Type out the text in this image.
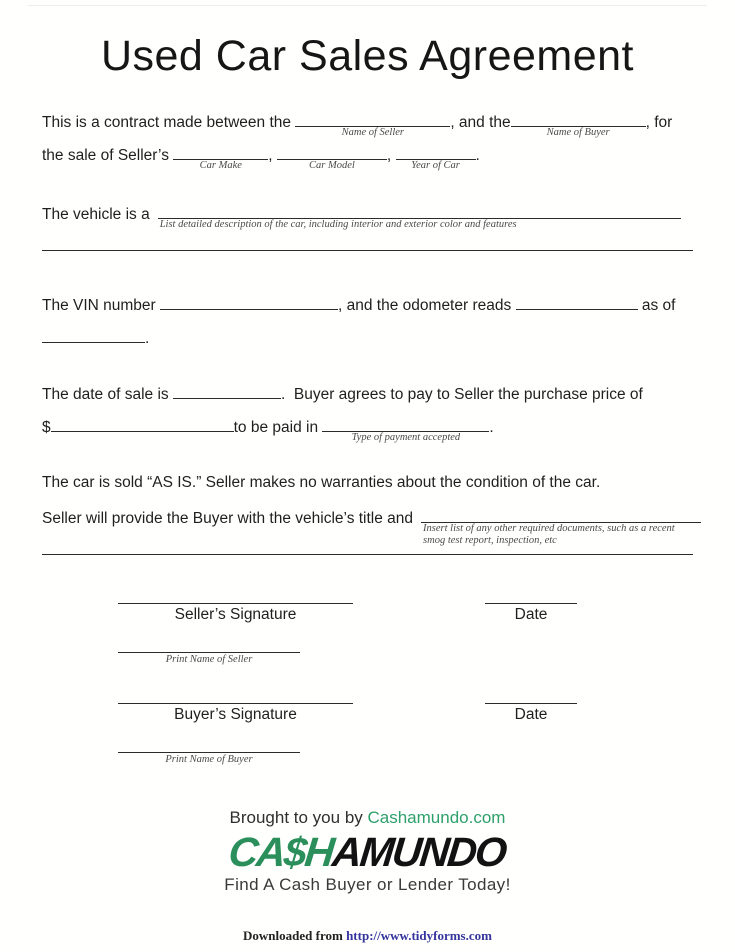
Used Car Sales Agreement

This is a contract made between the
Name of Seller
, and the
Name of Buyer
, for
the sale of Seller’s
Car Make
,
Car Model
,
Year of Car
.

The vehicle is a
List detailed description of the car, including interior and exterior color and features

The VIN number	, and the odometer reads	as of
.

The date of sale is	.  Buyer agrees to pay to Seller the purchase price of
$	to be paid in
Type of payment accepted
.

The car is sold “AS IS.” Seller makes no warranties about the condition of the car.

Seller will provide the Buyer with the vehicle’s title and
Insert list of any other required documents, such as a recent smog test report, inspection, etc

Seller’s Signature	Date
Print Name of Seller
Buyer’s Signature	Date
Print Name of Buyer
Brought to you by Cashamundo.com
CA$HAMUNDO
Find A Cash Buyer or Lender Today!
Downloaded from http://www.tidyforms.com
